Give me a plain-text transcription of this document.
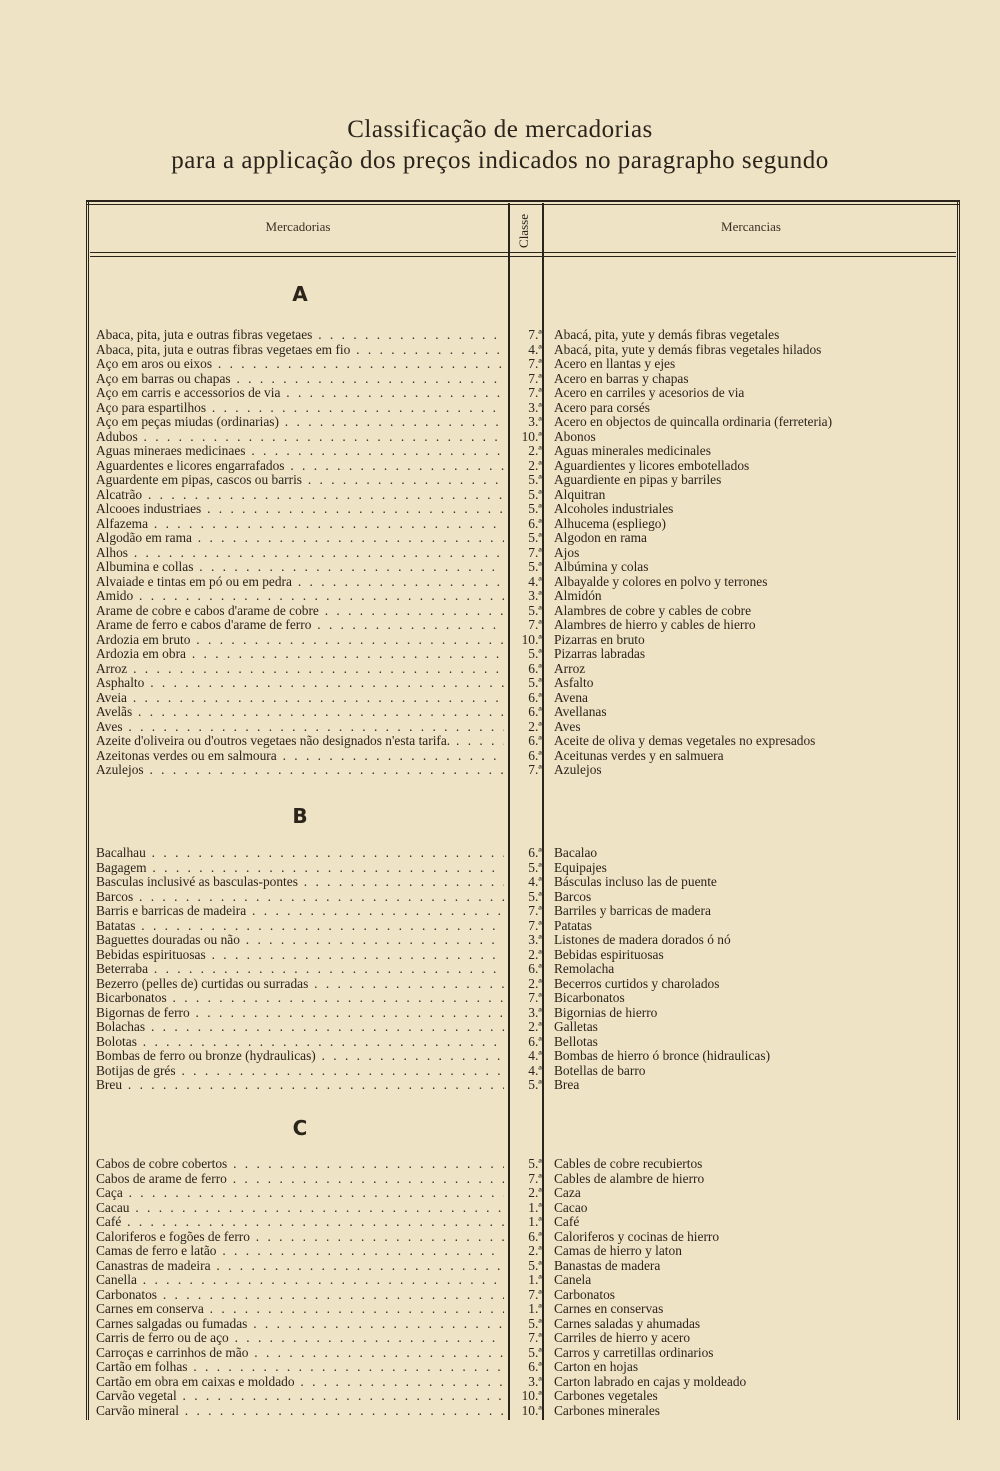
Classificação de mercadorias
para a applicação dos preços indicados no paragrapho segundo
Mercadorias	Classe	Mercancias
A
Abaca, pita, juta e outras fibras vegetaes . . .	7.ª Abacá, pita, yute y demás fibras vegetales
Abaca, pita, juta e outras fibras vegetaes em fio . . .	4.ª Abacá, pita, yute y demás fibras vegetales hilados
Aço em aros ou eixos . . .	7.ª Acero en llantas y ejes
Aço em barras ou chapas . . .	7.ª Acero en barras y chapas
Aço em carris e accessorios de via . . .	7.ª Acero en carriles y acesorios de via
Aço para espartilhos . . .	3.ª Acero para corsés
Aço em peças miudas (ordinarias) . . .	3.ª Acero en objectos de quincalla ordinaria (ferreteria)
Adubos . . .	10.ª Abonos
Aguas mineraes medicinaes . . .	2.ª Aguas minerales medicinales
Aguardentes e licores engarrafados . . .	2.ª Aguardientes y licores embotellados
Aguardente em pipas, cascos ou barris . . .	5.ª Aguardiente en pipas y barriles
Alcatrão . . .	5.ª Alquitran
Alcooes industriaes . . .	5.ª Alcoholes industriales
Alfazema . . .	6.ª Alhucema (espliego)
Algodão em rama . . .	5.ª Algodon en rama
Alhos . . .	7.ª Ajos
Albumina e collas . . .	5.ª Albúmina y colas
Alvaiade e tintas em pó ou em pedra . . .	4.ª Albayalde y colores en polvo y terrones
Amido . . .	3.ª Almidón
Arame de cobre e cabos d'arame de cobre . . .	5.ª Alambres de cobre y cables de cobre
Arame de ferro e cabos d'arame de ferro . . .	7.ª Alambres de hierro y cables de hierro
Ardozia em bruto . . .	10.ª Pizarras en bruto
Ardozia em obra . . .	5.ª Pizarras labradas
Arroz . . .	6.ª Arroz
Asphalto . . .	5.ª Asfalto
Aveia . . .	6.ª Avena
Avelãs . . .	6.ª Avellanas
Aves . . .	2.ª Aves
Azeite d'oliveira ou d'outros vegetaes não designados n'esta tarifa. . . .	6.ª Aceite de oliva y demas vegetales no expresados
Azeitonas verdes ou em salmoura . . .	6.ª Aceitunas verdes y en salmuera
Azulejos . . .	7.ª Azulejos
B
Bacalhau . . .	6.ª Bacalao
Bagagem . . .	5.ª Equipajes
Basculas inclusivé as basculas-pontes . . .	4.ª Básculas incluso las de puente
Barcos . . .	5.ª Barcos
Barris e barricas de madeira . . .	7.ª Barriles y barricas de madera
Batatas . . .	7.ª Patatas
Baguettes douradas ou não . . .	3.ª Listones de madera dorados ó nó
Bebidas espirituosas . . .	2.ª Bebidas espirituosas
Beterraba . . .	6.ª Remolacha
Bezerro (pelles de) curtidas ou surradas . . .	2.ª Becerros curtidos y charolados
Bicarbonatos . . .	7.ª Bicarbonatos
Bigornas de ferro . . .	3.ª Bigornias de hierro
Bolachas . . .	2.ª Galletas
Bolotas . . .	6.ª Bellotas
Bombas de ferro ou bronze (hydraulicas) . . .	4.ª Bombas de hierro ó bronce (hidraulicas)
Botijas de grés . . .	4.ª Botellas de barro
Breu . . .	5.ª Brea
C
Cabos de cobre cobertos . . .	5.ª Cables de cobre recubiertos
Cabos de arame de ferro . . .	7.ª Cables de alambre de hierro
Caça . . .	2.ª Caza
Cacau . . .	1.ª Cacao
Café . . .	1.ª Café
Caloriferos e fogões de ferro . . .	6.ª Caloriferos y cocinas de hierro
Camas de ferro e latão . . .	2.ª Camas de hierro y laton
Canastras de madeira . . .	5.ª Banastas de madera
Canella . . .	1.ª Canela
Carbonatos . . .	7.ª Carbonatos
Carnes em conserva . . .	1.ª Carnes en conservas
Carnes salgadas ou fumadas . . .	5.ª Carnes saladas y ahumadas
Carris de ferro ou de aço . . .	7.ª Carriles de hierro y acero
Carroças e carrinhos de mão . . .	5.ª Carros y carretillas ordinarios
Cartão em folhas . . .	6.ª Carton en hojas
Cartão em obra em caixas e moldado . . .	3.ª Carton labrado en cajas y moldeado
Carvão vegetal . . .	10.ª Carbones vegetales
Carvão mineral . . .	10.ª Carbones minerales
